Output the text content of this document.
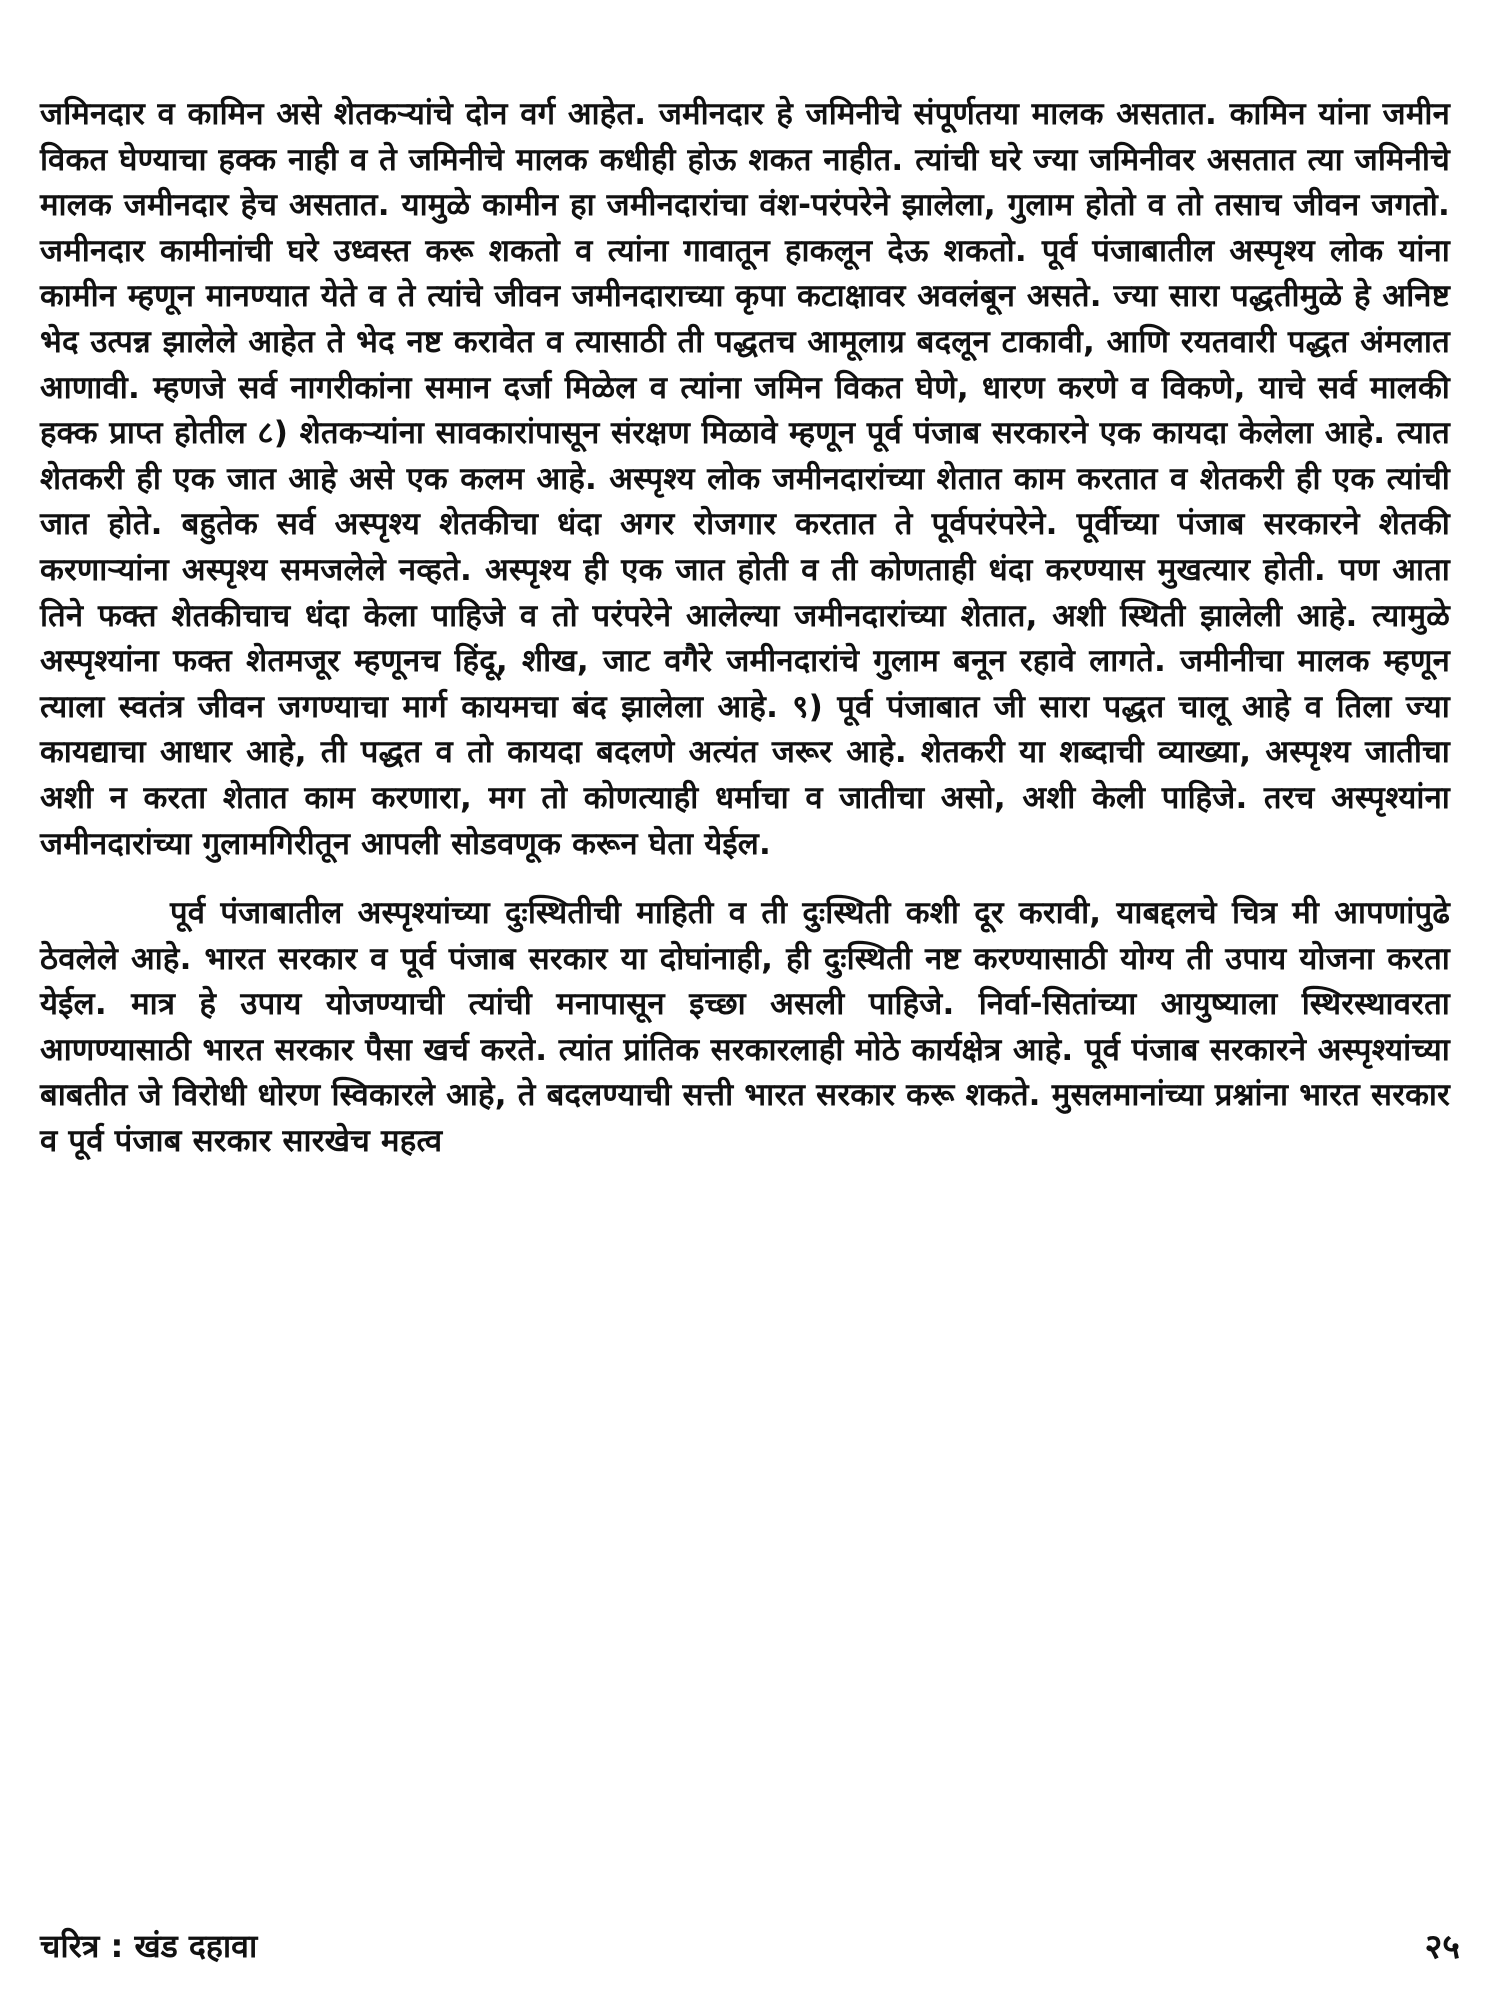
जमिनदार व कामिन असे शेतकऱ्यांचे दोन वर्ग आहेत. जमीनदार हे जमिनीचे संपूर्णतया मालक असतात. कामिन यांना जमीन विकत घेण्याचा हक्क नाही व ते जमिनीचे मालक कधीही होऊ शकत नाहीत. त्यांची घरे ज्या जमिनीवर असतात त्या जमिनीचे मालक जमीनदार हेच असतात. यामुळे कामीन हा जमीनदारांचा वंश-परंपरेने झालेला, गुलाम होतो व तो तसाच जीवन जगतो. जमीनदार कामीनांची घरे उध्वस्त करू शकतो व त्यांना गावातून हाकलून देऊ शकतो. पूर्व पंजाबातील अस्पृश्य लोक यांना कामीन म्हणून मानण्यात येते व ते त्यांचे जीवन जमीनदाराच्या कृपा कटाक्षावर अवलंबून असते. ज्या सारा पद्धतीमुळे हे अनिष्ट भेद उत्पन्न झालेले आहेत ते भेद नष्ट करावेत व त्यासाठी ती पद्धतच आमूलाग्र बदलून टाकावी, आणि रयतवारी पद्धत अंमलात आणावी. म्हणजे सर्व नागरीकांना समान दर्जा मिळेल व त्यांना जमिन विकत घेणे, धारण करणे व विकणे, याचे सर्व मालकी हक्क प्राप्त होतील ८) शेतकऱ्यांना सावकारांपासून संरक्षण मिळावे म्हणून पूर्व पंजाब सरकारने एक कायदा केलेला आहे. त्यात शेतकरी ही एक जात आहे असे एक कलम आहे. अस्पृश्य लोक जमीनदारांच्या शेतात काम करतात व शेतकरी ही एक त्यांची जात होते. बहुतेक सर्व अस्पृश्य शेतकीचा धंदा अगर रोजगार करतात ते पूर्वपरंपरेने. पूर्वीच्या पंजाब सरकारने शेतकी करणाऱ्यांना अस्पृश्य समजलेले नव्हते. अस्पृश्य ही एक जात होती व ती कोणताही धंदा करण्यास मुखत्यार होती. पण आता तिने फक्त शेतकीचाच धंदा केला पाहिजे व तो परंपरेने आलेल्या जमीनदारांच्या शेतात, अशी स्थिती झालेली आहे. त्यामुळे अस्पृश्यांना फक्त शेतमजूर म्हणूनच हिंदू, शीख, जाट वगैरे जमीनदारांचे गुलाम बनून रहावे लागते. जमीनीचा मालक म्हणून त्याला स्वतंत्र जीवन जगण्याचा मार्ग कायमचा बंद झालेला आहे. ९) पूर्व पंजाबात जी सारा पद्धत चालू आहे व तिला ज्या कायद्याचा आधार आहे, ती पद्धत व तो कायदा बदलणे अत्यंत जरूर आहे. शेतकरी या शब्दाची व्याख्या, अस्पृश्य जातीचा अशी न करता शेतात काम करणारा, मग तो कोणत्याही धर्माचा व जातीचा असो, अशी केली पाहिजे. तरच अस्पृश्यांना जमीनदारांच्या गुलामगिरीतून आपली सोडवणूक करून घेता येईल.

पूर्व पंजाबातील अस्पृश्यांच्या दुःस्थितीची माहिती व ती दुःस्थिती कशी दूर करावी, याबद्दलचे चित्र मी आपणांपुढे ठेवलेले आहे. भारत सरकार व पूर्व पंजाब सरकार या दोघांनाही, ही दुःस्थिती नष्ट करण्यासाठी योग्य ती उपाय योजना करता येईल. मात्र हे उपाय योजण्याची त्यांची मनापासून इच्छा असली पाहिजे. निर्वा-सितांच्या आयुष्याला स्थिरस्थावरता आणण्यासाठी भारत सरकार पैसा खर्च करते. त्यांत प्रांतिक सरकारलाही मोठे कार्यक्षेत्र आहे. पूर्व पंजाब सरकारने अस्पृश्यांच्या बाबतीत जे विरोधी धोरण स्विकारले आहे, ते बदलण्याची सत्ती भारत सरकार करू शकते. मुसलमानांच्या प्रश्नांना भारत सरकार व पूर्व पंजाब सरकार सारखेच महत्व

चरित्र : खंड दहावा	२५
